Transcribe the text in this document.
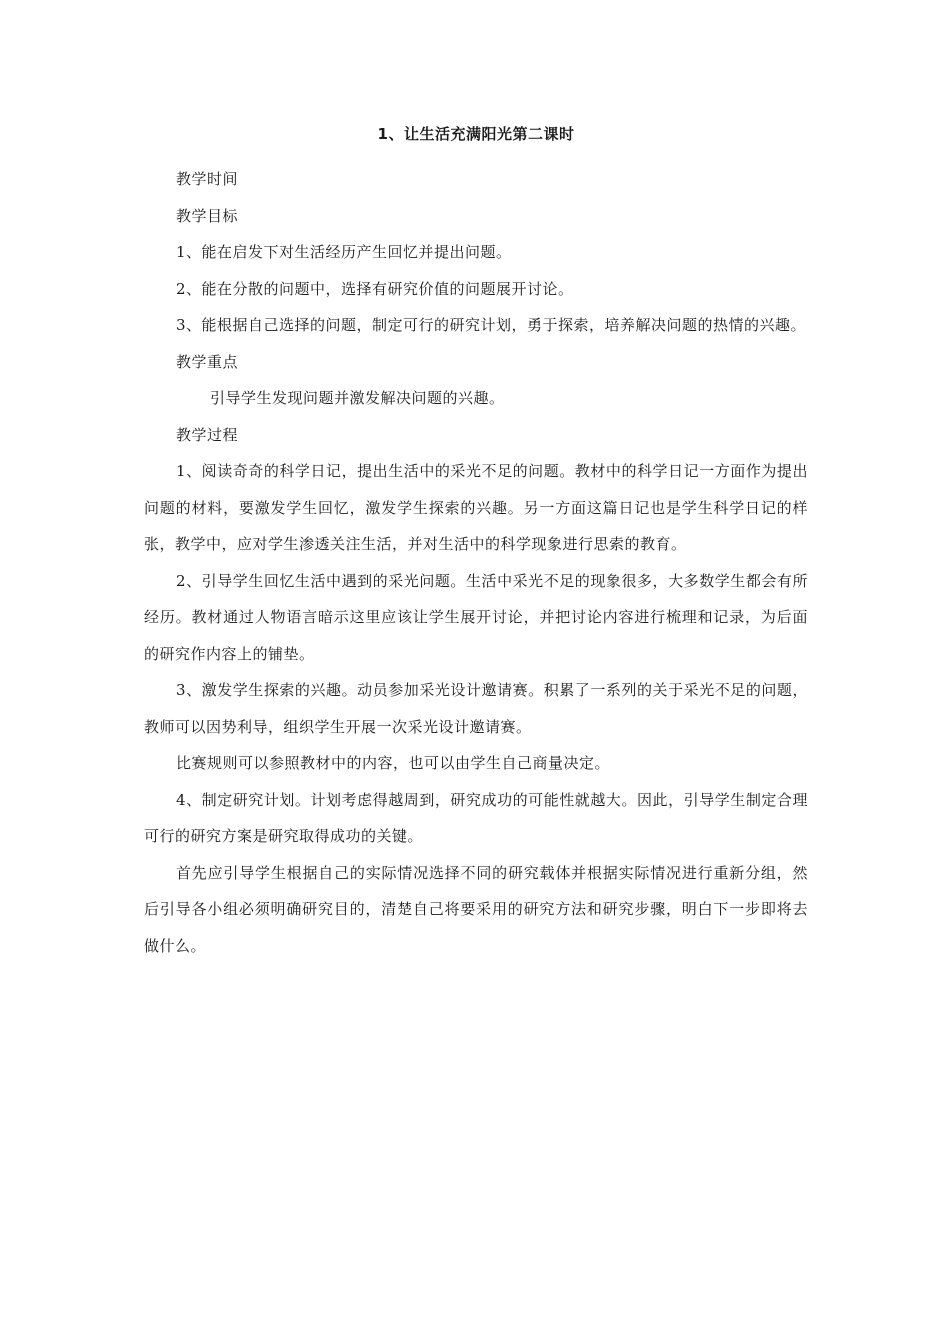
1、让生活充满阳光第二课时

教学时间

教学目标

1、能在启发下对生活经历产生回忆并提出问题。

2、能在分散的问题中，选择有研究价值的问题展开讨论。

3、能根据自己选择的问题，制定可行的研究计划，勇于探索，培养解决问题的热情的兴趣。

教学重点

引导学生发现问题并激发解决问题的兴趣。

教学过程

1、阅读奇奇的科学日记，提出生活中的采光不足的问题。教材中的科学日记一方面作为提出问题的材料，要激发学生回忆，激发学生探索的兴趣。另一方面这篇日记也是学生科学日记的样张，教学中，应对学生渗透关注生活，并对生活中的科学现象进行思索的教育。

2、引导学生回忆生活中遇到的采光问题。生活中采光不足的现象很多，大多数学生都会有所经历。教材通过人物语言暗示这里应该让学生展开讨论，并把讨论内容进行梳理和记录，为后面的研究作内容上的铺垫。

3、激发学生探索的兴趣。动员参加采光设计邀请赛。积累了一系列的关于采光不足的问题，教师可以因势利导，组织学生开展一次采光设计邀请赛。

比赛规则可以参照教材中的内容，也可以由学生自己商量决定。

4、制定研究计划。计划考虑得越周到，研究成功的可能性就越大。因此，引导学生制定合理可行的研究方案是研究取得成功的关键。

首先应引导学生根据自己的实际情况选择不同的研究载体并根据实际情况进行重新分组，然后引导各小组必须明确研究目的，清楚自己将要采用的研究方法和研究步骤，明白下一步即将去做什么。
